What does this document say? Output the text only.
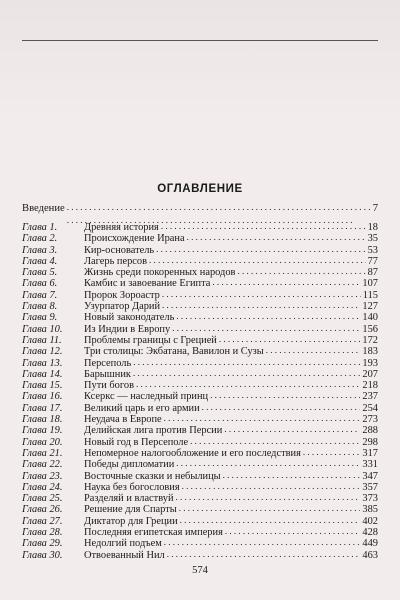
ОГЛАВЛЕНИЕ
Введение . . .	7
Глава 1.	Древняя история . . .	18
Глава 2.	Происхождение Ирана . . .	35
Глава 3.	Кир-основатель . . .	53
Глава 4.	Лагерь персов . . .	77
Глава 5.	Жизнь среди покоренных народов . . .	87
Глава 6.	Камбис и завоевание Египта . . .	107
Глава 7.	Пророк Зороастр . . .	115
Глава 8.	Узурпатор Дарий . . .	127
Глава 9.	Новый законодатель . . .	140
Глава 10.	Из Индии в Европу . . .	156
Глава 11.	Проблемы границы с Грецией . . .	172
Глава 12.	Три столицы: Экбатана, Вавилон и Сузы . . .	183
Глава 13.	Персеполь . . .	193
Глава 14.	Барышник . . .	207
Глава 15.	Пути богов . . .	218
Глава 16.	Ксеркс — наследный принц . . .	237
Глава 17.	Великий царь и его армии . . .	254
Глава 18.	Неудача в Европе . . .	273
Глава 19.	Делийская лига против Персии . . .	288
Глава 20.	Новый год в Персеполе . . .	298
Глава 21.	Непомерное налогообложение и его последствия . . .	317
Глава 22.	Победы дипломатии . . .	331
Глава 23.	Восточные сказки и небылицы . . .	347
Глава 24.	Наука без богословия . . .	357
Глава 25.	Разделяй и властвуй . . .	373
Глава 26.	Решение для Спарты . . .	385
Глава 27.	Диктатор для Греции . . .	402
Глава 28.	Последняя египетская империя . . .	428
Глава 29.	Недолгий подъем . . .	449
Глава 30.	Отвоеванный Нил . . .	463
574
